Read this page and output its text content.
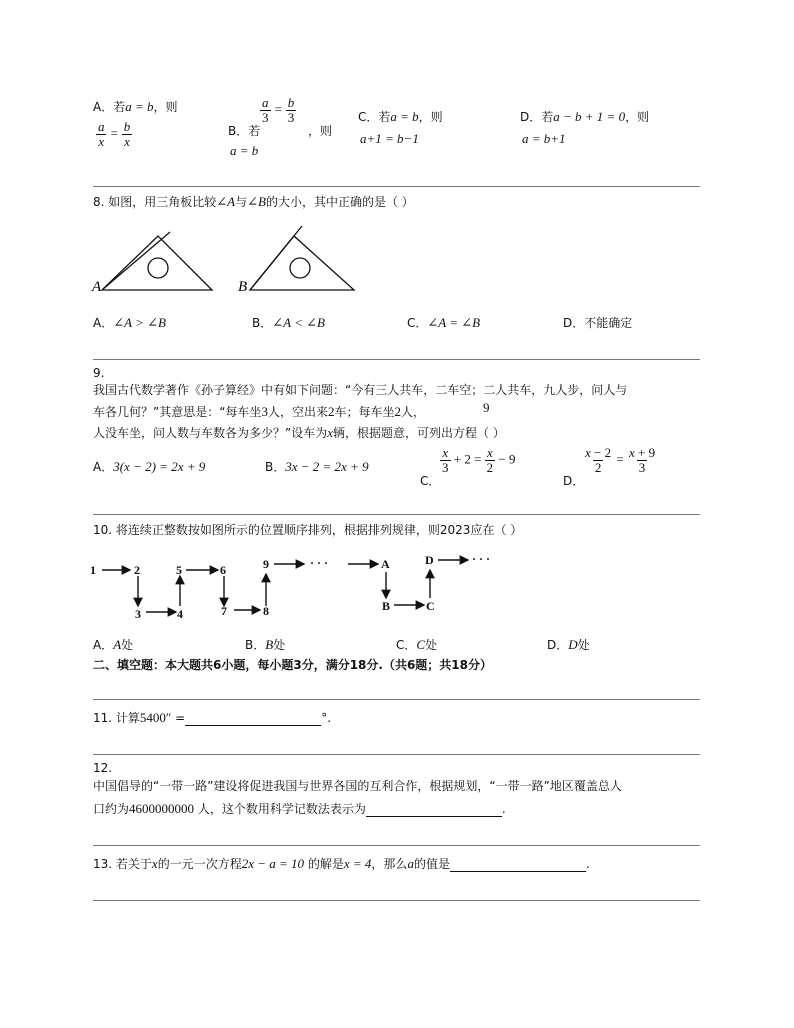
A．若a = b，则
$\frac{a}{x} = \frac{b}{x}$
$\frac{a}{3} = \frac{b}{3}$
B．若	，则
a = b
C．若a = b，则
a+1 = b−1
D．若a − b + 1 = 0，则
a = b+1
8. 如图，用三角板比较∠A与∠B的大小，其中正确的是（ ）
A	B
A．∠A > ∠B	B．∠A < ∠B	C．∠A = ∠B	D．不能确定
9.
我国古代数学著作《孙子算经》中有如下问题：“今有三人共车，二车空；二人共车，九人步，问人与
车各几何？”其意思是：“每车坐3人，空出来2车；每车坐2人，	9
人没车坐，问人数与车数各为多少？”设车为x辆，根据题意，可列出方程（ ）
A．3(x − 2) = 2x + 9	B．3x − 2 = 2x + 9
C．
$\frac{x}{3} + 2 = \frac{x}{2} - 9$
D．
$\frac{x - 2}{2} = \frac{x + 9}{3}$
10. 将连续正整数按如图所示的位置顺序排列，根据排列规律，则2023应在（ ）
1	2
3	4
5	6
7	8
9	· · ·	A
B	C
D	· · ·
A．A处	B．B处	C．C处	D．D处
二、填空题：本大题共6小题，每小题3分，满分18分.（共6题；共18分）
11. 计算5400″ =	°.
12.
中国倡导的“一带一路”建设将促进我国与世界各国的互利合作，根据规划，“一带一路”地区覆盖总人
口约为4600000000 人，这个数用科学记数法表示为	.
13. 若关于x的一元一次方程2x − a = 10 的解是x = 4，那么a的值是	.
